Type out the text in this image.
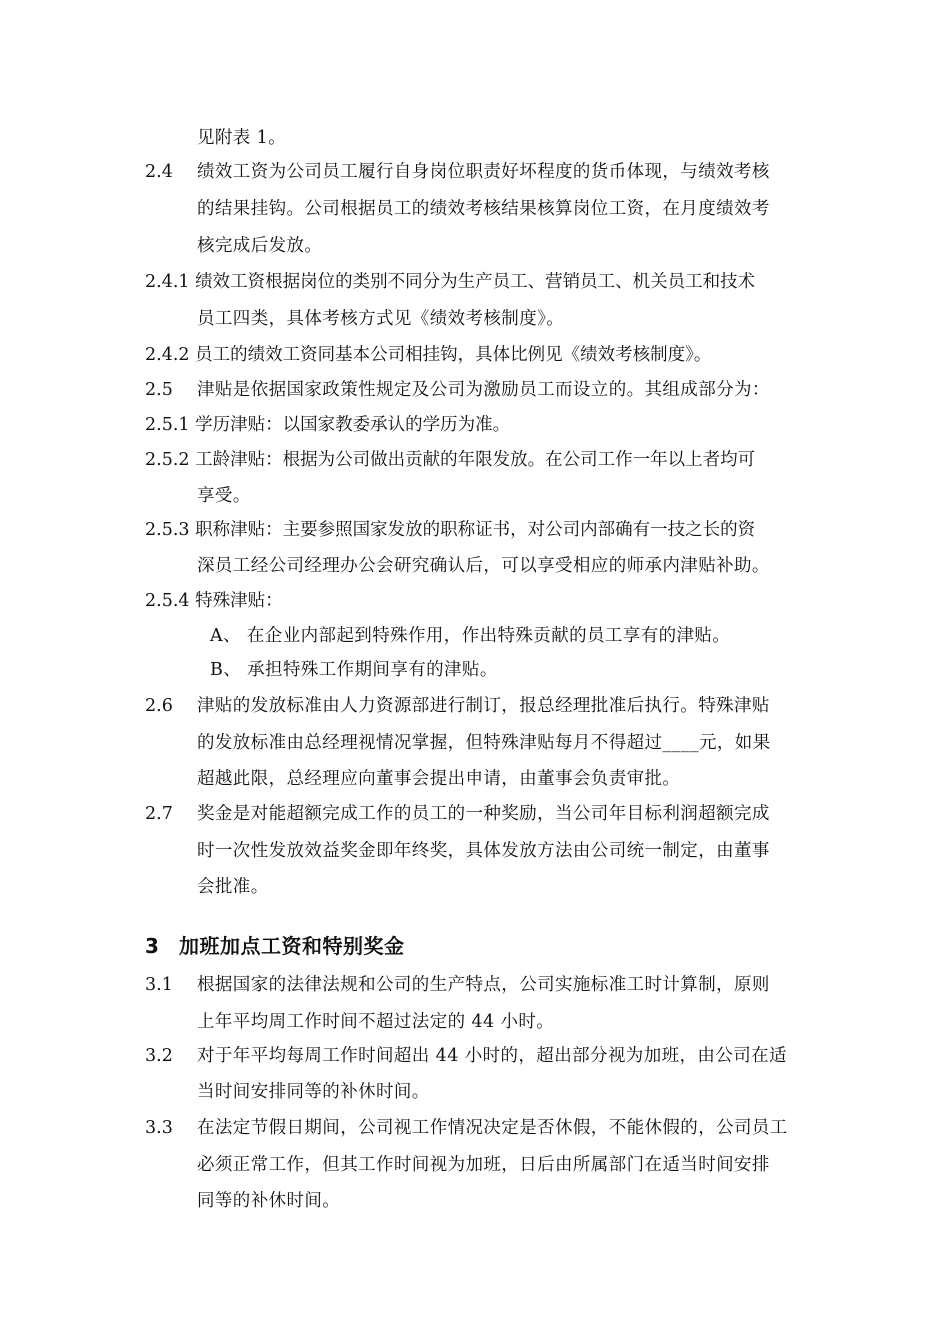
见附表 1。
2.4 绩效工资为公司员工履行自身岗位职责好坏程度的货币体现，与绩效考核
的结果挂钩。公司根据员工的绩效考核结果核算岗位工资，在月度绩效考
核完成后发放。
2.4.1 绩效工资根据岗位的类别不同分为生产员工、营销员工、机关员工和技术
员工四类，具体考核方式见《绩效考核制度》。
2.4.2 员工的绩效工资同基本公司相挂钩，具体比例见《绩效考核制度》。
2.5 津贴是依据国家政策性规定及公司为激励员工而设立的。其组成部分为：
2.5.1 学历津贴：以国家教委承认的学历为准。
2.5.2 工龄津贴：根据为公司做出贡献的年限发放。在公司工作一年以上者均可
享受。
2.5.3 职称津贴：主要参照国家发放的职称证书，对公司内部确有一技之长的资
深员工经公司经理办公会研究确认后，可以享受相应的师承内津贴补助。
2.5.4 特殊津贴：
A、 在企业内部起到特殊作用，作出特殊贡献的员工享有的津贴。
B、 承担特殊工作期间享有的津贴。
2.6 津贴的发放标准由人力资源部进行制订，报总经理批准后执行。特殊津贴
的发放标准由总经理视情况掌握，但特殊津贴每月不得超过____元，如果
超越此限，总经理应向董事会提出申请，由董事会负责审批。
2.7 奖金是对能超额完成工作的员工的一种奖励，当公司年目标利润超额完成
时一次性发放效益奖金即年终奖，具体发放方法由公司统一制定，由董事
会批准。
3 加班加点工资和特别奖金
3.1 根据国家的法律法规和公司的生产特点，公司实施标准工时计算制，原则
上年平均周工作时间不超过法定的 44 小时。
3.2 对于年平均每周工作时间超出 44 小时的，超出部分视为加班，由公司在适
当时间安排同等的补休时间。
3.3 在法定节假日期间，公司视工作情况决定是否休假，不能休假的，公司员工
必须正常工作，但其工作时间视为加班，日后由所属部门在适当时间安排
同等的补休时间。
